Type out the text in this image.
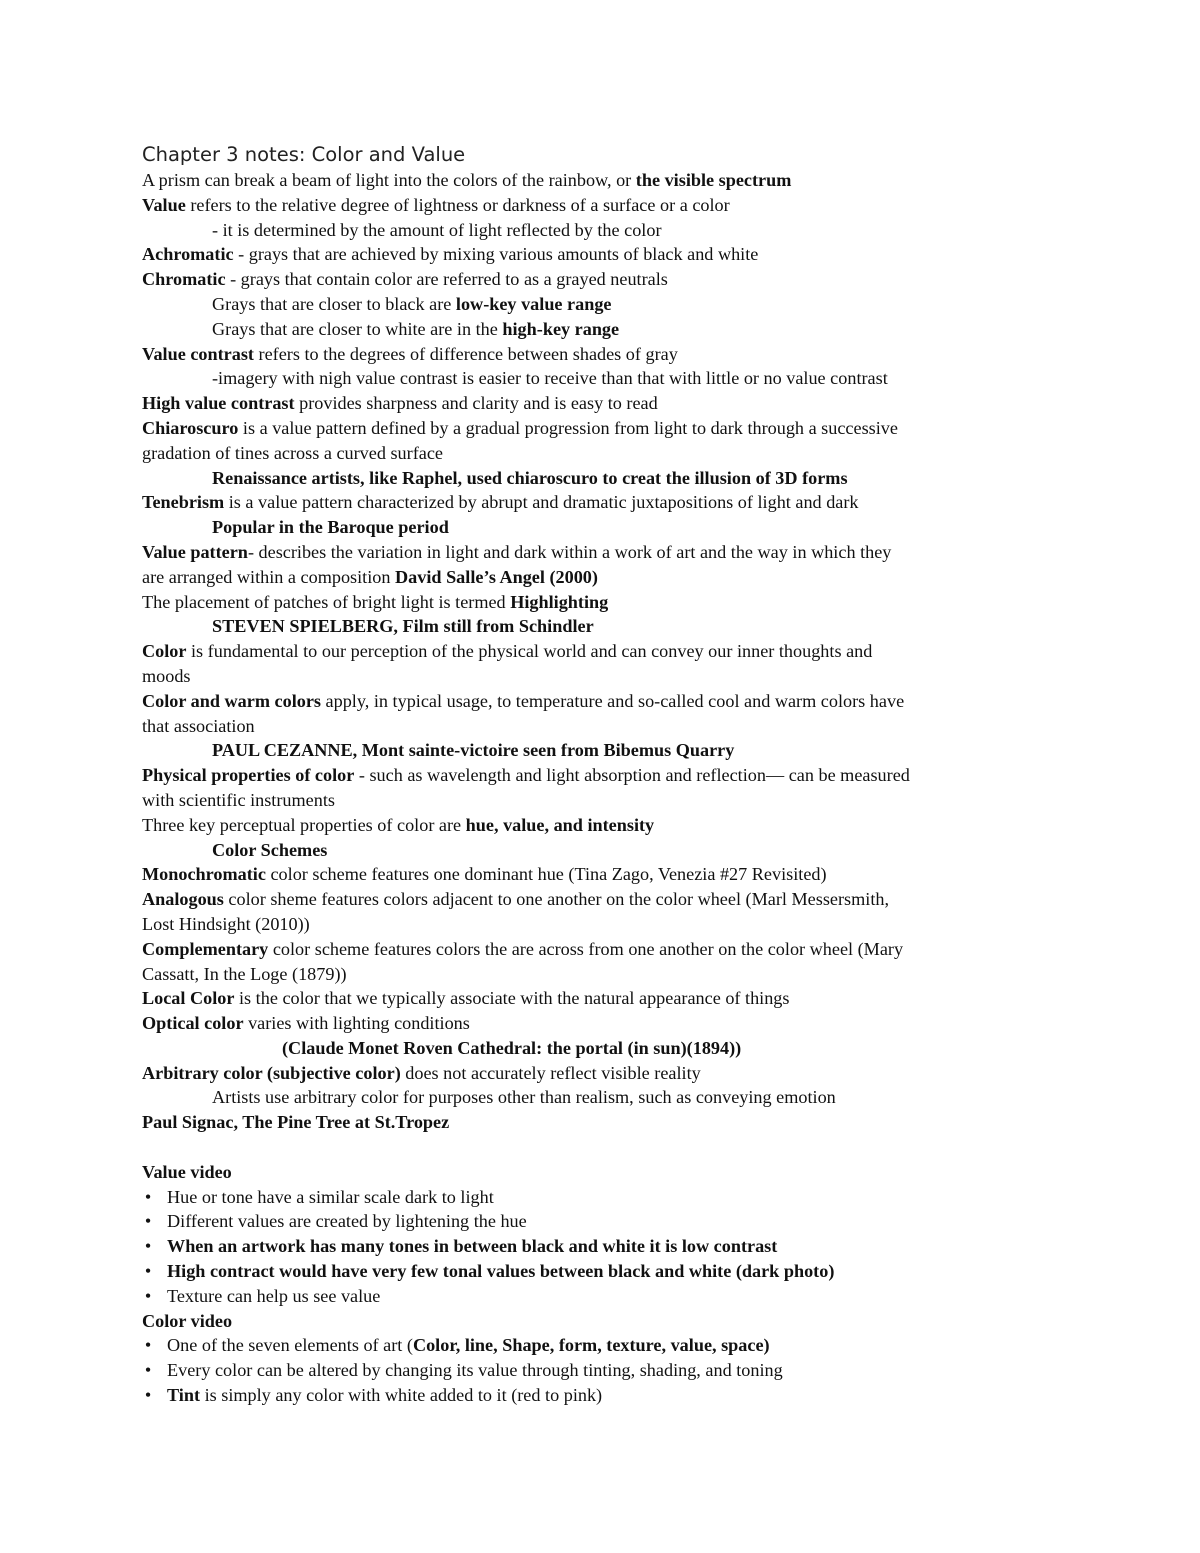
Chapter 3 notes: Color and Value
A prism can break a beam of light into the colors of the rainbow, or the visible spectrum
Value refers to the relative degree of lightness or darkness of a surface or a color
- it is determined by the amount of light reflected by the color
Achromatic - grays that are achieved by mixing various amounts of black and white
Chromatic - grays that contain color are referred to as a grayed neutrals
Grays that are closer to black are low-key value range
Grays that are closer to white are in the high-key range
Value contrast refers to the degrees of difference between shades of gray
-imagery with nigh value contrast is easier to receive than that with little or no value contrast
High value contrast provides sharpness and clarity and is easy to read
Chiaroscuro is a value pattern defined by a gradual progression from light to dark through a successive
gradation of tines across a curved surface
Renaissance artists, like Raphel, used chiaroscuro to creat the illusion of 3D forms
Tenebrism is a value pattern characterized by abrupt and dramatic juxtapositions of light and dark
Popular in the Baroque period
Value pattern- describes the variation in light and dark within a work of art and the way in which they
are arranged within a composition David Salle’s Angel (2000)
The placement of patches of bright light is termed Highlighting
STEVEN SPIELBERG, Film still from Schindler
Color is fundamental to our perception of the physical world and can convey our inner thoughts and
moods
Color and warm colors apply, in typical usage, to temperature and so-called cool and warm colors have
that association
PAUL CEZANNE, Mont sainte-victoire seen from Bibemus Quarry
Physical properties of color - such as wavelength and light absorption and reflection— can be measured
with scientific instruments
Three key perceptual properties of color are hue, value, and intensity
Color Schemes
Monochromatic color scheme features one dominant hue (Tina Zago, Venezia #27 Revisited)
Analogous color sheme features colors adjacent to one another on the color wheel (Marl Messersmith,
Lost Hindsight (2010))
Complementary color scheme features colors the are across from one another on the color wheel (Mary
Cassatt, In the Loge (1879))
Local Color is the color that we typically associate with the natural appearance of things
Optical color varies with lighting conditions
(Claude Monet Roven Cathedral: the portal (in sun)(1894))
Arbitrary color (subjective color) does not accurately reflect visible reality
Artists use arbitrary color for purposes other than realism, such as conveying emotion
Paul Signac, The Pine Tree at St.Tropez
Value video
• Hue or tone have a similar scale dark to light
• Different values are created by lightening the hue
• When an artwork has many tones in between black and white it is low contrast
• High contract would have very few tonal values between black and white (dark photo)
• Texture can help us see value
Color video
• One of the seven elements of art (Color, line, Shape, form, texture, value, space)
• Every color can be altered by changing its value through tinting, shading, and toning
• Tint is simply any color with white added to it (red to pink)
